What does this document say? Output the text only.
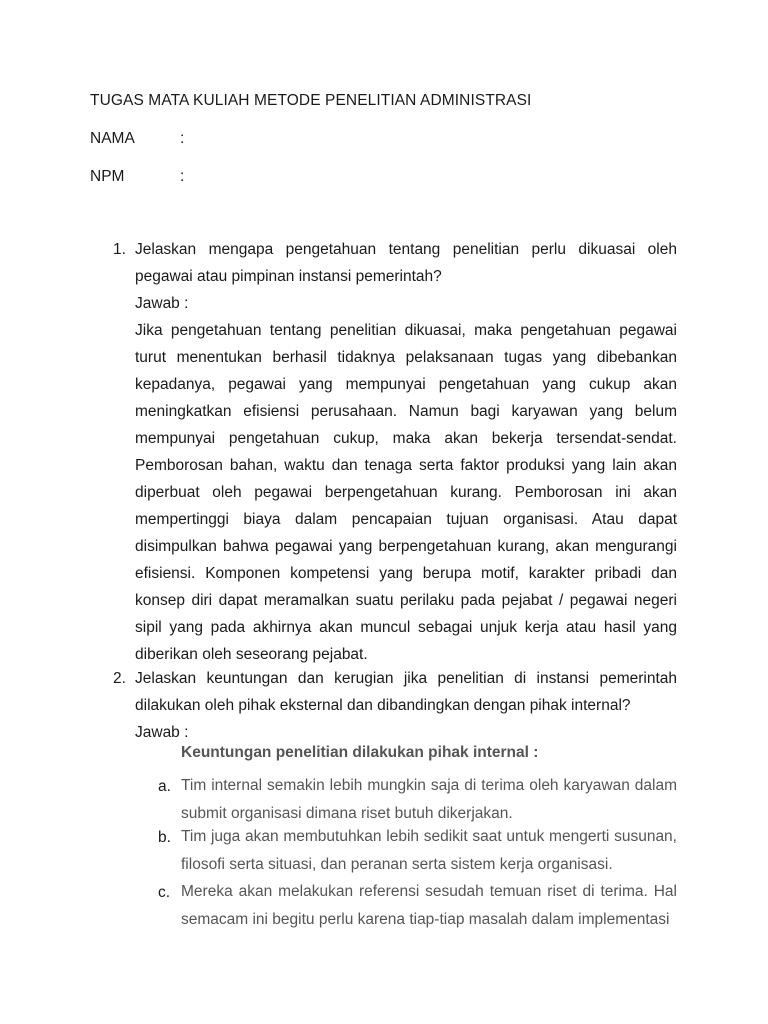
TUGAS MATA KULIAH METODE PENELITIAN ADMINISTRASI
NAMA	:
NPM	:
1. Jelaskan mengapa pengetahuan tentang penelitian perlu dikuasai oleh pegawai atau pimpinan instansi pemerintah?

Jawab :

Jika pengetahuan tentang penelitian dikuasai, maka pengetahuan pegawai turut menentukan berhasil tidaknya pelaksanaan tugas yang dibebankan kepadanya, pegawai yang mempunyai pengetahuan yang cukup akan meningkatkan efisiensi perusahaan. Namun bagi karyawan yang belum mempunyai pengetahuan cukup, maka akan bekerja tersendat-sendat. Pemborosan bahan, waktu dan tenaga serta faktor produksi yang lain akan diperbuat oleh pegawai berpengetahuan kurang. Pemborosan ini akan mempertinggi biaya dalam pencapaian tujuan organisasi. Atau dapat disimpulkan bahwa pegawai yang berpengetahuan kurang, akan mengurangi efisiensi. Komponen kompetensi yang berupa motif, karakter pribadi dan konsep diri dapat meramalkan suatu perilaku pada pejabat / pegawai negeri sipil yang pada akhirnya akan muncul sebagai unjuk kerja atau hasil yang diberikan oleh seseorang pejabat.

2. Jelaskan keuntungan dan kerugian jika penelitian di instansi pemerintah dilakukan oleh pihak eksternal dan dibandingkan dengan pihak internal?

Jawab :

Keuntungan penelitian dilakukan pihak internal :
a. Tim internal semakin lebih mungkin saja di terima oleh karyawan dalam submit organisasi dimana riset butuh dikerjakan.
b. Tim juga akan membutuhkan lebih sedikit saat untuk mengerti susunan, filosofi serta situasi, dan peranan serta sistem kerja organisasi.
c. Mereka akan melakukan referensi sesudah temuan riset di terima. Hal semacam ini begitu perlu karena tiap-tiap masalah dalam implementasi
